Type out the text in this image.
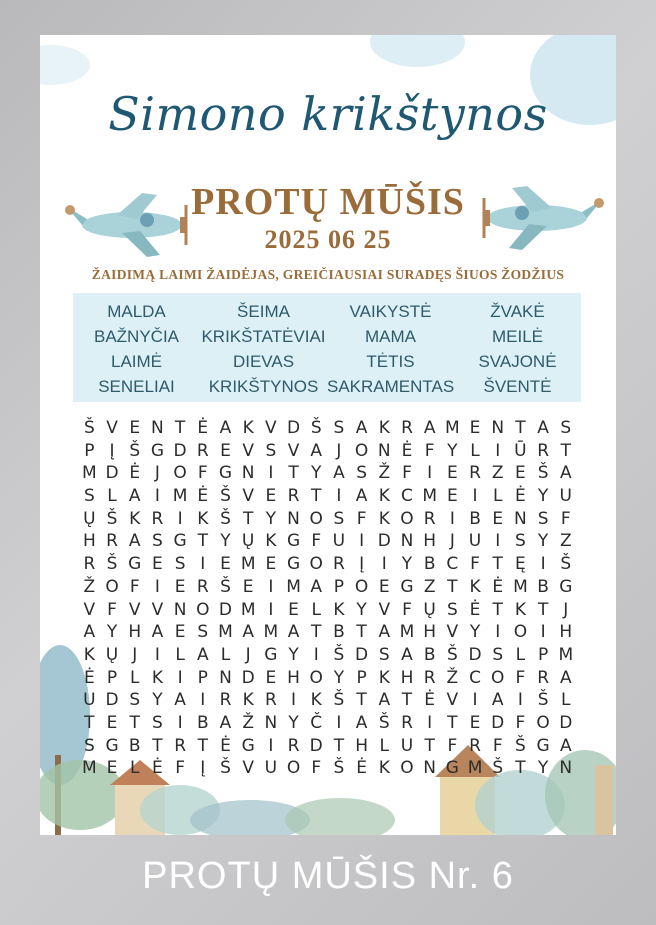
Simono krikštynos
PROTŲ MŪŠIS
2025 06 25
ŽAIDIMĄ LAIMI ŽAIDĖJAS, GREIČIAUSIAI SURADĘS ŠIUOS ŽODŽIUS
MALDA
BAŽNYČIA
LAIMĖ
SENELIAI
ŠEIMA
KRIKŠTATĖVIAI
DIEVAS
KRIKŠTYNOS
VAIKYSTĖ
MAMA
TĖTIS
SAKRAMENTAS
ŽVAKĖ
MEILĖ
SVAJONĖ
ŠVENTĖ
Š V E N T Ė A K V D Š S A K R A M E N T A S
P Į Š G D R E V S V A J O N Ė F Y L I Ū R T
M D Ė J O F G N I T Y A S Ž F I E R Z E Š A
S L A I M Ė Š V E R T I A K C M E I L Ė Y U
Ų Š K R I K Š T Y N O S F K O R I B E N S F
H R A S G T Y Ų K G F U I D N H J U I S Y Z
R Š G E S I E M E G O R Į I Y B C F T Ę I Š
Ž O F I E R Š E I M A P O E G Z T K Ė M B G
V F V V N O D M I E L K Y V F Ų S Ė T K T J
A Y H A E S M A M A T B T A M H V Y I O I H
K Ų J I L A L J G Y I Š D S A B Š D S L P M
Ė P L K I P N D E H O Y P K H R Ž C O F R A
U D S Y A I R K R I K Š T A T Ė V I A I Š L
T E T S I B A Ž N Y Č I A Š R I T E D F O D
S G B T R T Ė G I R D T H L U T F R F Š G A
M E L Ė F Į Š V U O F Š Ė K O N G M Š T Y N
PROTŲ MŪŠIS Nr. 6
